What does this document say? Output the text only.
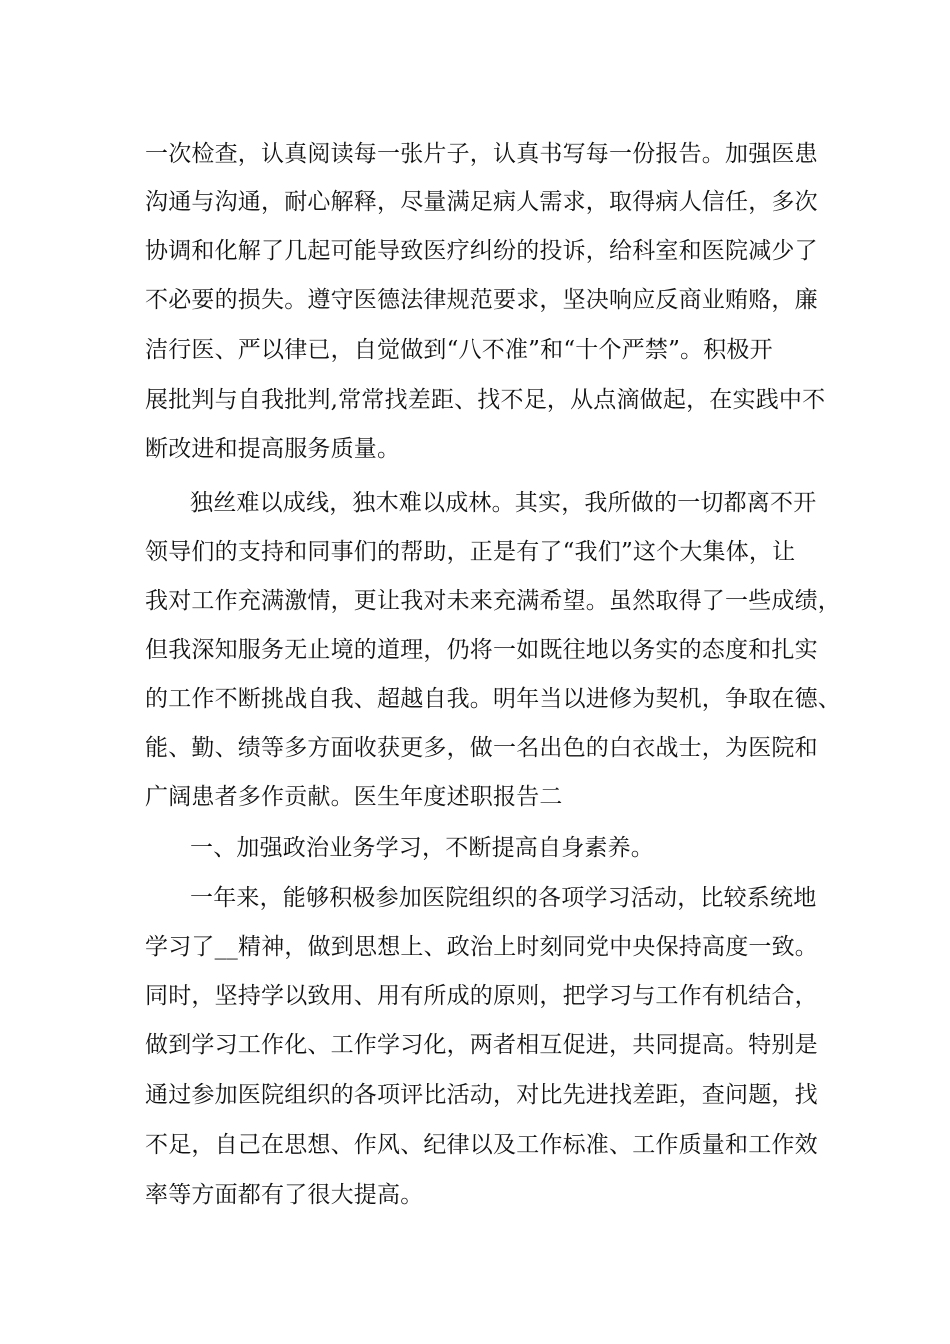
一次检查，认真阅读每一张片子，认真书写每一份报告。加强医患
沟通与沟通，耐心解释，尽量满足病人需求，取得病人信任，多次
协调和化解了几起可能导致医疗纠纷的投诉，给科室和医院减少了
不必要的损失。遵守医德法律规范要求，坚决响应反商业贿赂，廉
洁行医、严以律已，自觉做到“八不准”和“十个严禁”。积极开
展批判与自我批判,常常找差距、找不足，从点滴做起，在实践中不
断改进和提高服务质量。
独丝难以成线，独木难以成林。其实，我所做的一切都离不开
领导们的支持和同事们的帮助，正是有了“我们”这个大集体，让
我对工作充满激情，更让我对未来充满希望。虽然取得了一些成绩，
但我深知服务无止境的道理，仍将一如既往地以务实的态度和扎实
的工作不断挑战自我、超越自我。明年当以进修为契机，争取在德、
能、勤、绩等多方面收获更多，做一名出色的白衣战士，为医院和
广阔患者多作贡献。医生年度述职报告二
一、加强政治业务学习，不断提高自身素养。
一年来，能够积极参加医院组织的各项学习活动，比较系统地
学习了__精神，做到思想上、政治上时刻同党中央保持高度一致。
同时，坚持学以致用、用有所成的原则，把学习与工作有机结合，
做到学习工作化、工作学习化，两者相互促进，共同提高。特别是
通过参加医院组织的各项评比活动，对比先进找差距，查问题，找
不足，自己在思想、作风、纪律以及工作标准、工作质量和工作效
率等方面都有了很大提高。
